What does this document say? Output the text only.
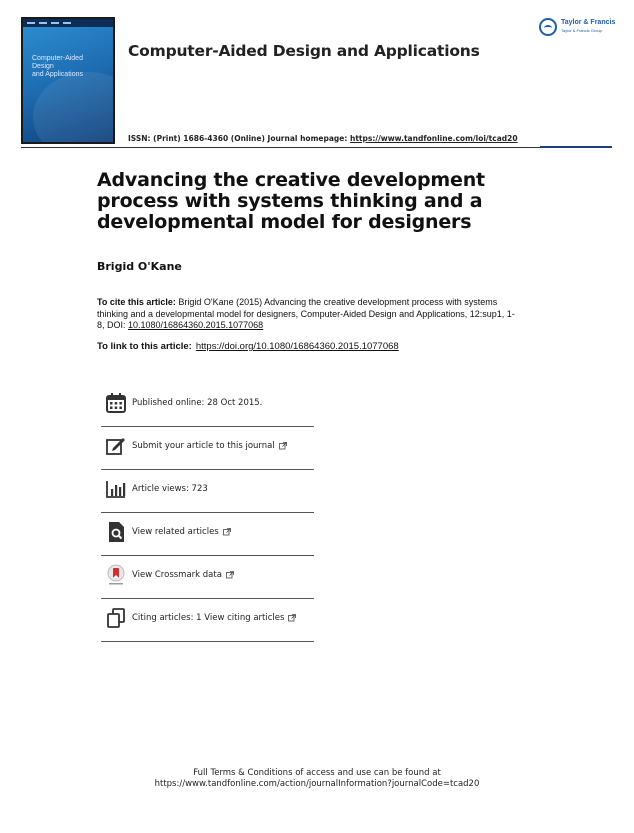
Computer-Aided
Design
and Applications
Computer-Aided Design and Applications
ISSN: (Print) 1686-4360 (Online) Journal homepage: https://www.tandfonline.com/loi/tcad20
Taylor & Francis
Taylor & Francis Group
Advancing the creative development process with systems thinking and a developmental model for designers
Brigid O'Kane
To cite this article: Brigid O'Kane (2015) Advancing the creative development process with systems thinking and a developmental model for designers, Computer-Aided Design and Applications, 12:sup1, 1-8, DOI: 10.1080/16864360.2015.1077068
To link to this article: https://doi.org/10.1080/16864360.2015.1077068
Published online: 28 Oct 2015.
Submit your article to this journal
Article views: 723
View related articles
View Crossmark data
Citing articles: 1 View citing articles
Full Terms & Conditions of access and use can be found at
https://www.tandfonline.com/action/journalInformation?journalCode=tcad20
